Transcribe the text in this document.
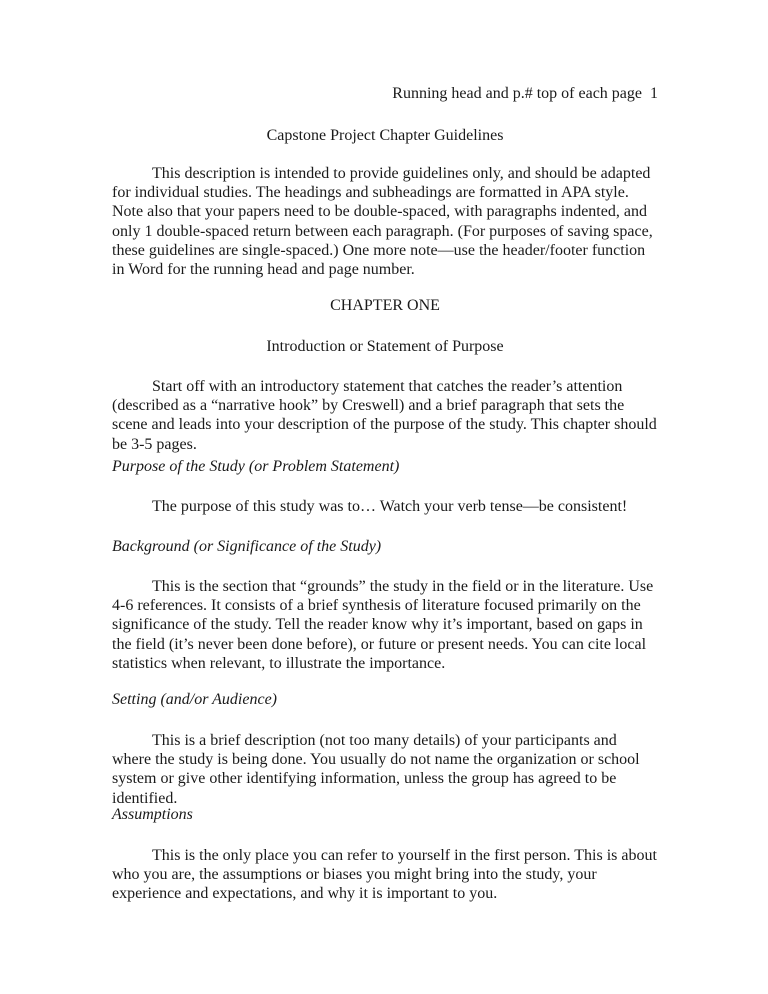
Running head and p.# top of each page  1
Capstone Project Chapter Guidelines

This description is intended to provide guidelines only, and should be adapted for individual studies. The headings and subheadings are formatted in APA style. Note also that your papers need to be double-spaced, with paragraphs indented, and only 1 double-spaced return between each paragraph. (For purposes of saving space, these guidelines are single-spaced.) One more note—use the header/footer function in Word for the running head and page number.

CHAPTER ONE
Introduction or Statement of Purpose

Start off with an introductory statement that catches the reader’s attention (described as a “narrative hook” by Creswell) and a brief paragraph that sets the scene and leads into your description of the purpose of the study. This chapter should be 3-5 pages.

Purpose of the Study (or Problem Statement)

The purpose of this study was to… Watch your verb tense—be consistent!

Background (or Significance of the Study)

This is the section that “grounds” the study in the field or in the literature. Use 4-6 references. It consists of a brief synthesis of literature focused primarily on the significance of the study. Tell the reader know why it’s important, based on gaps in the field (it’s never been done before), or future or present needs. You can cite local statistics when relevant, to illustrate the importance.

Setting (and/or Audience)

This is a brief description (not too many details) of your participants and where the study is being done. You usually do not name the organization or school system or give other identifying information, unless the group has agreed to be identified.

Assumptions

This is the only place you can refer to yourself in the first person. This is about who you are, the assumptions or biases you might bring into the study, your experience and expectations, and why it is important to you.
